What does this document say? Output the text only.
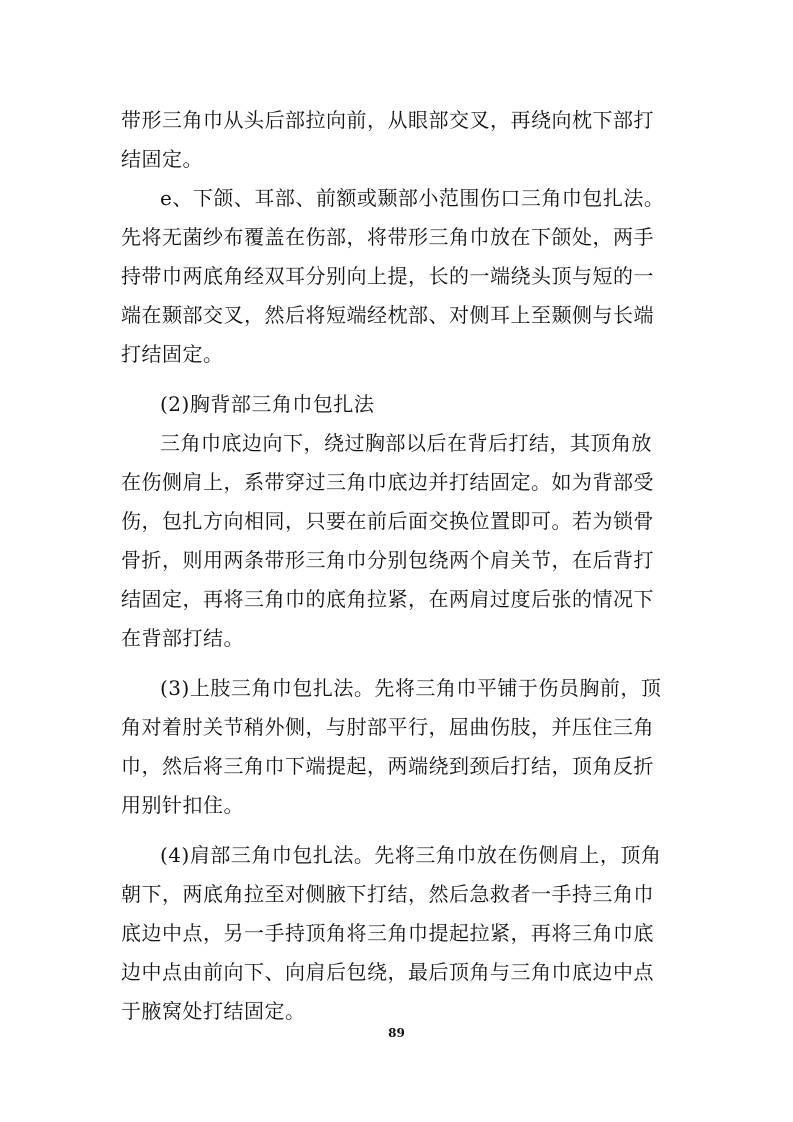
带形三角巾从头后部拉向前，从眼部交叉，再绕向枕下部打
结固定。
e、下颌、耳部、前额或颞部小范围伤口三角巾包扎法。
先将无菌纱布覆盖在伤部，将带形三角巾放在下颌处，两手
持带巾两底角经双耳分别向上提，长的一端绕头顶与短的一
端在颞部交叉，然后将短端经枕部、对侧耳上至颞侧与长端
打结固定。
(2)胸背部三角巾包扎法
三角巾底边向下，绕过胸部以后在背后打结，其顶角放
在伤侧肩上，系带穿过三角巾底边并打结固定。如为背部受
伤，包扎方向相同，只要在前后面交换位置即可。若为锁骨
骨折，则用两条带形三角巾分别包绕两个肩关节，在后背打
结固定，再将三角巾的底角拉紧，在两肩过度后张的情况下
在背部打结。
(3)上肢三角巾包扎法。先将三角巾平铺于伤员胸前，顶
角对着肘关节稍外侧，与肘部平行，屈曲伤肢，并压住三角
巾，然后将三角巾下端提起，两端绕到颈后打结，顶角反折
用别针扣住。
(4)肩部三角巾包扎法。先将三角巾放在伤侧肩上，顶角
朝下，两底角拉至对侧腋下打结，然后急救者一手持三角巾
底边中点，另一手持顶角将三角巾提起拉紧，再将三角巾底
边中点由前向下、向肩后包绕，最后顶角与三角巾底边中点
于腋窝处打结固定。
89
